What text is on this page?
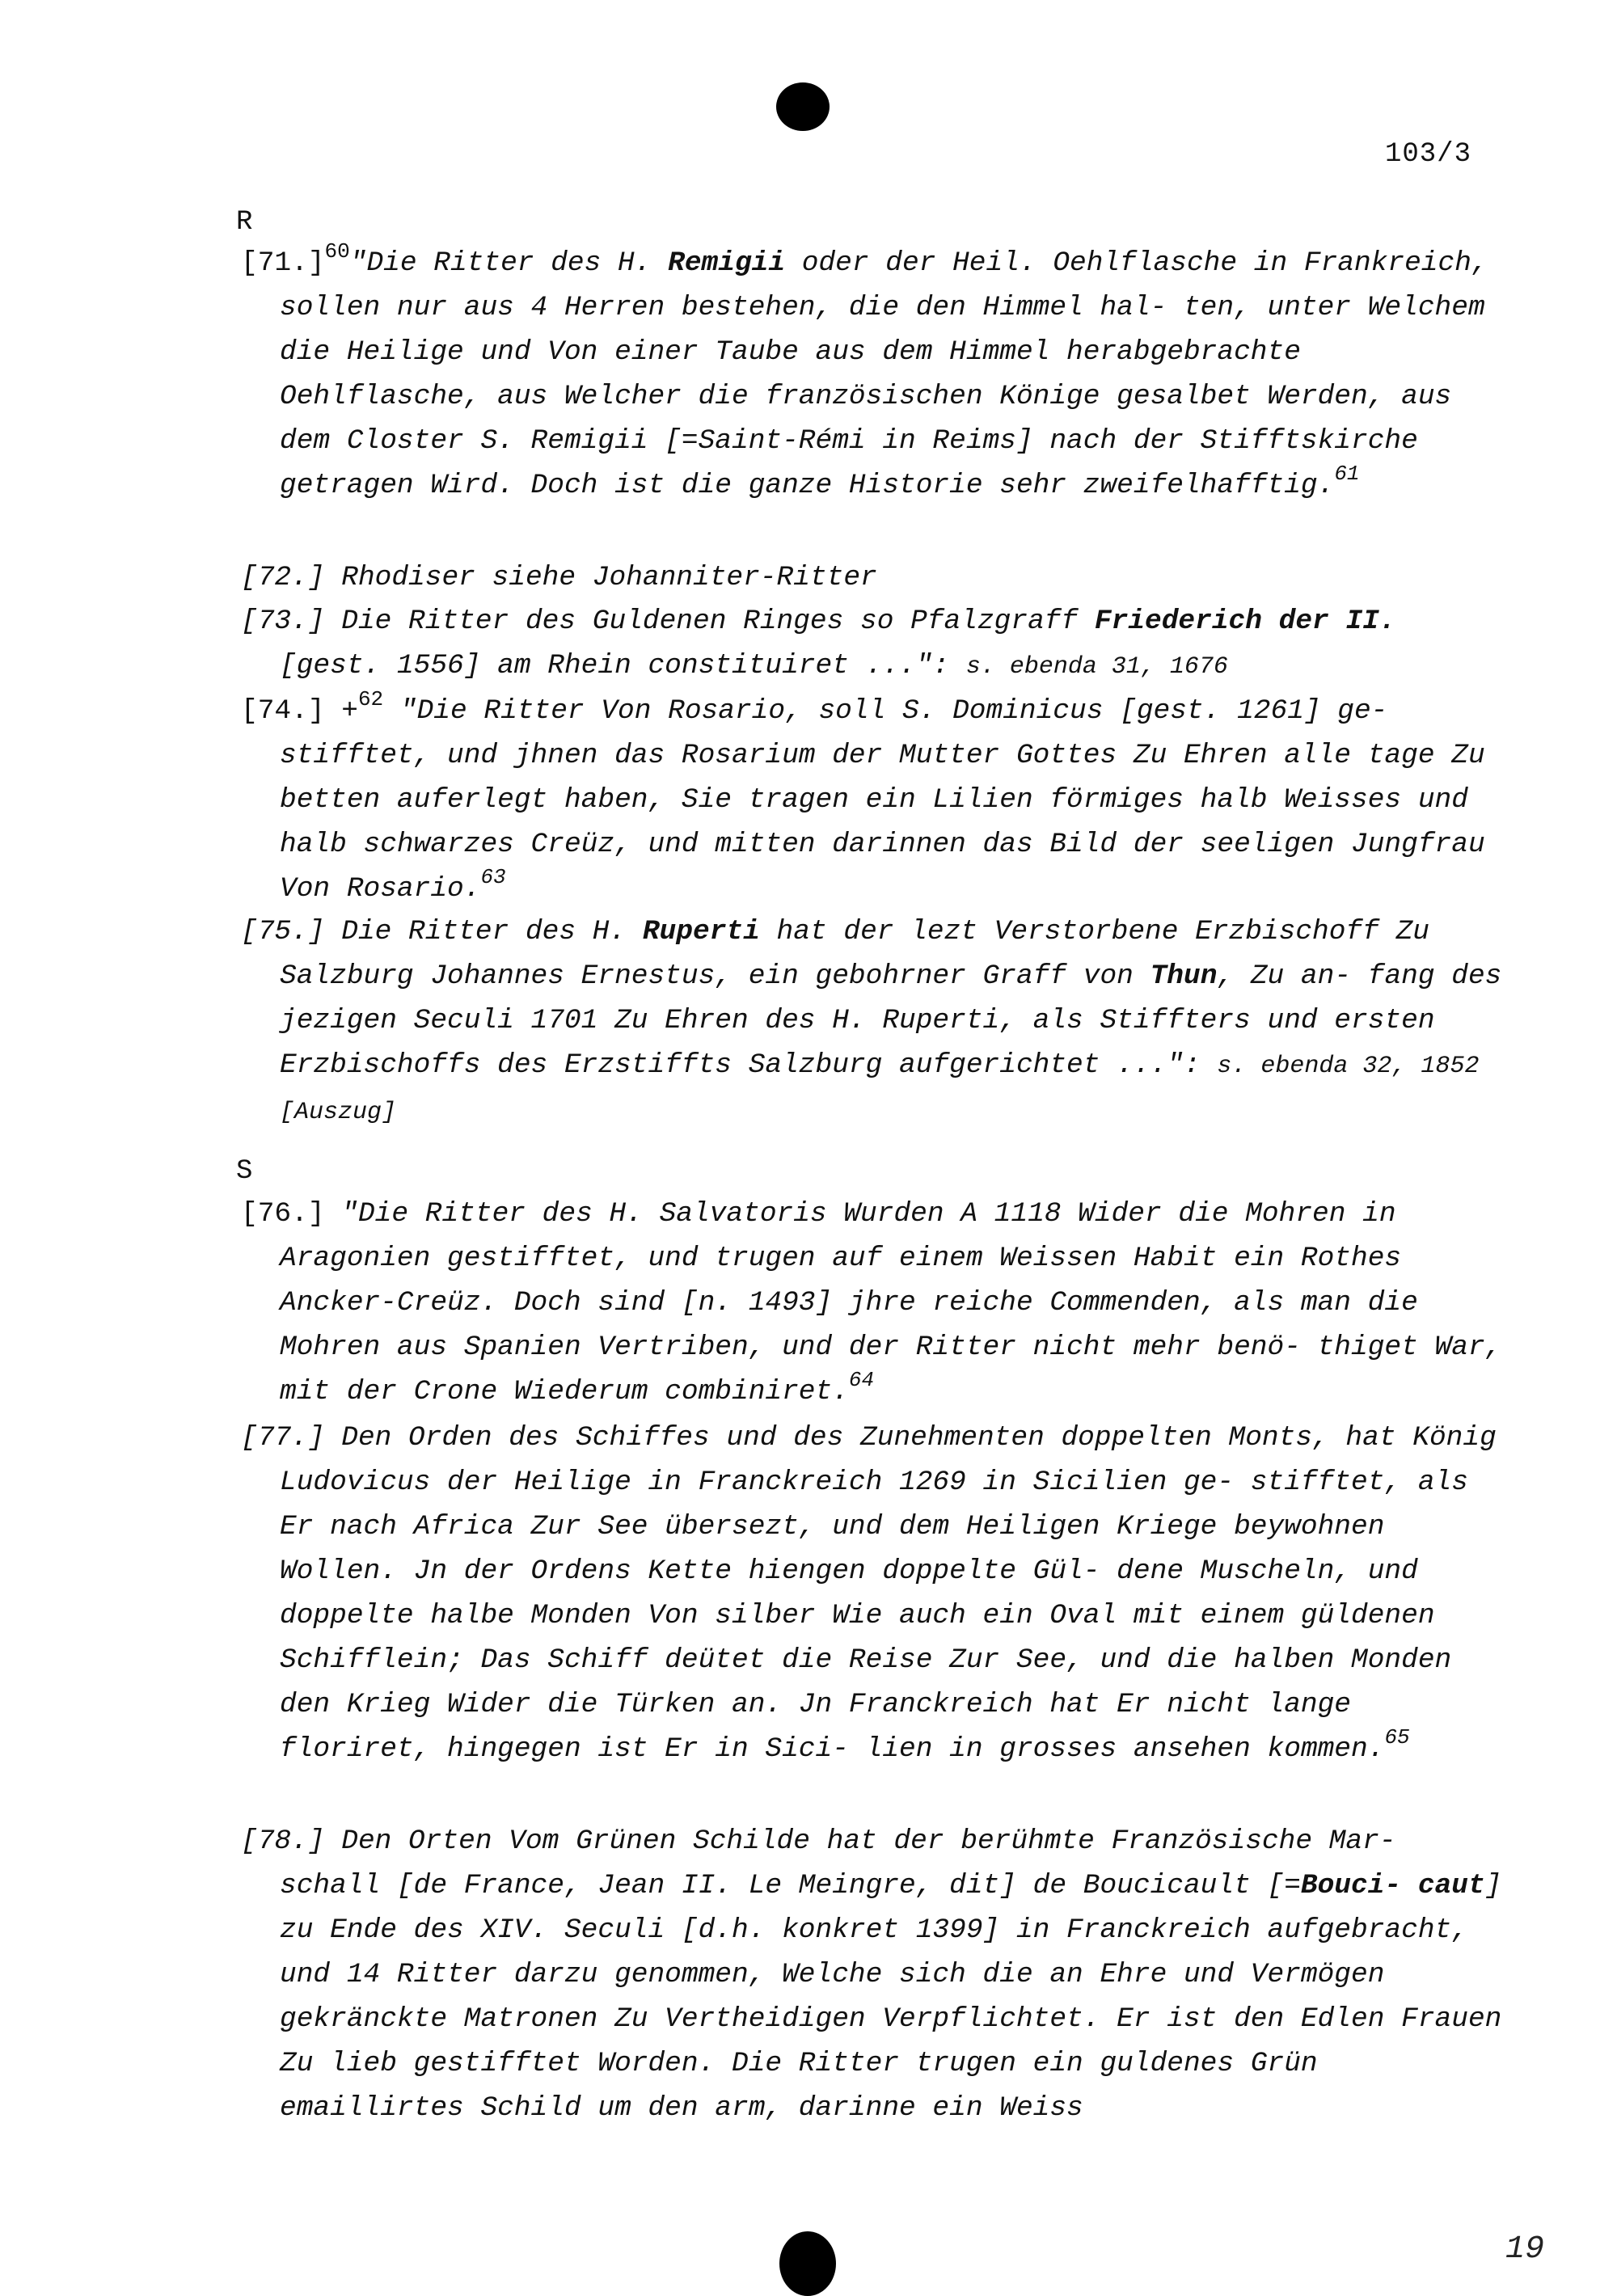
103/3
R

$[71.]^{60}"Die$ Ritter des H. Remigii oder der Heil. Oehlflasche in Frankreich, sollen nur aus 4 Herren bestehen, die den Himmel hal- ten, unter Welchem die Heilige und Von einer Taube aus dem Himmel herabgebrachte Oehlflasche, aus Welcher die französischen Könige gesalbet Werden, aus dem Closter S. Remigii [=Saint-Rémi in Reims] nach der Stifftskirche getragen Wird. Doch ist die ganze Historie sehr zweifelhafftig.$^{61}$

[72.] Rhodiser siehe Johanniter-Ritter

[73.] Die Ritter des Guldenen Ringes so Pfalzgraff Friederich der II. [gest. 1556] am Rhein constituiret ...": s. ebenda 31, 1676

[74.] +$^{62}$ "Die Ritter Von Rosario, soll S. Dominicus [gest. 1261] ge- stifftet, und jhnen das Rosarium der Mutter Gottes Zu Ehren alle tage Zu betten auferlegt haben, Sie tragen ein Lilien förmiges halb Weisses und halb schwarzes Creüz, und mitten darinnen das Bild der seeligen Jungfrau Von Rosario.$^{63}$

[75.] Die Ritter des H. Ruperti hat der lezt Verstorbene Erzbischoff Zu Salzburg Johannes Ernestus, ein gebohrner Graff von Thun, Zu an- fang des jezigen Seculi 1701 Zu Ehren des H. Ruperti, als Stiffters und ersten Erzbischoffs des Erzstiffts Salzburg aufgerichtet ...": s. ebenda 32, 1852 [Auszug]

S

[76.] "Die Ritter des H. Salvatoris Wurden A 1118 Wider die Mohren in Aragonien gestifftet, und trugen auf einem Weissen Habit ein Rothes Ancker-Creüz. Doch sind [n. 1493] jhre reiche Commenden, als man die Mohren aus Spanien Vertriben, und der Ritter nicht mehr benö- thiget War, mit der Crone Wiederum combiniret.$^{64}$

[77.] Den Orden des Schiffes und des Zunehmenten doppelten Monts, hat König Ludovicus der Heilige in Franckreich 1269 in Sicilien ge- stifftet, als Er nach Africa Zur See übersezt, und dem Heiligen Kriege beywohnen Wollen. Jn der Ordens Kette hiengen doppelte Gül- dene Muscheln, und doppelte halbe Monden Von silber Wie auch ein Oval mit einem güldenen Schifflein; Das Schiff deütet die Reise Zur See, und die halben Monden den Krieg Wider die Türken an. Jn Franckreich hat Er nicht lange floriret, hingegen ist Er in Sici- lien in grosses ansehen kommen.$^{65}$

[78.] Den Orten Vom Grünen Schilde hat der berühmte Französische Mar- schall [de France, Jean II. Le Meingre, dit] de Boucicault [=Bouci- caut] zu Ende des XIV. Seculi [d.h. konkret 1399] in Franckreich aufgebracht, und 14 Ritter darzu genommen, Welche sich die an Ehre und Vermögen gekränckte Matronen Zu Vertheidigen Verpflichtet. Er ist den Edlen Frauen Zu lieb gestifftet Worden. Die Ritter trugen ein guldenes Grün emaillirtes Schild um den arm, darinne ein Weiss

19
